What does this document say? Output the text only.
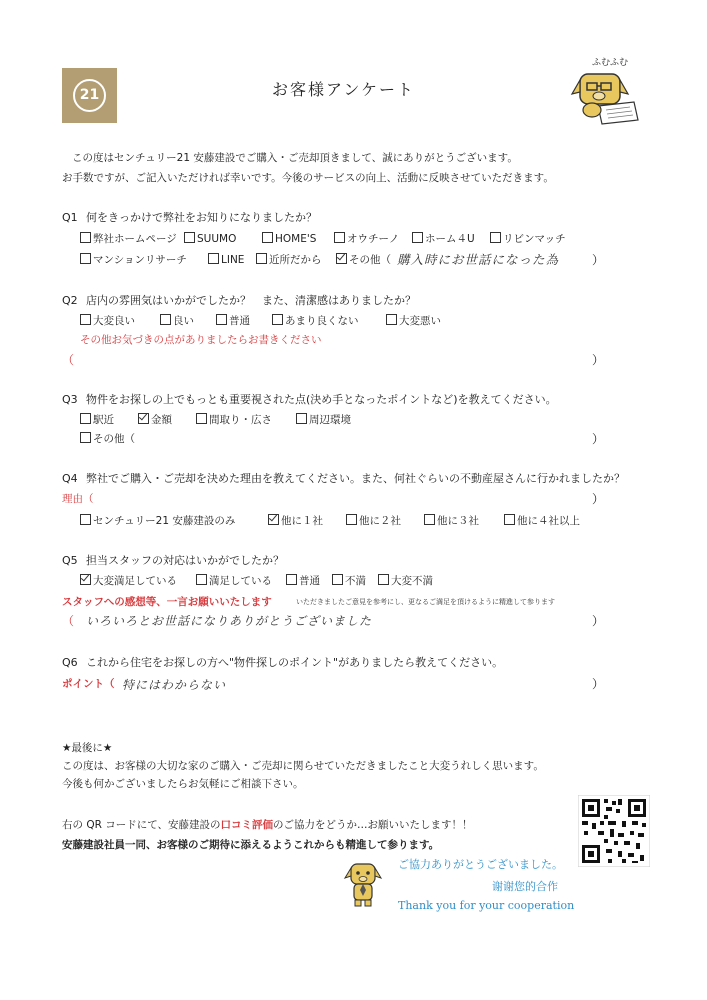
21	お客様アンケート
ふむふむ
この度はセンチュリー21 安藤建設でご購入・ご売却頂きまして、誠にありがとうございます。
お手数ですが、ご記入いただければ幸いです。今後のサービスの向上、活動に反映させていただきます。
Q1 何をきっかけで弊社をお知りになりましたか？
弊社ホームページ	SUUMO	HOME'S	オウチーノ	ホーム４U	リビンマッチ
マンションリサーチ	LINE	近所だから	その他（ 購入時にお世話になった為	）
Q2 店内の雰囲気はいかがでしたか？　また、清潔感はありましたか？
大変良い	良い	普通	あまり良くない	大変悪い
その他お気づきの点がありましたらお書きください
（	）
Q3 物件をお探しの上でもっとも重要視された点(決め手となったポイントなど)を教えてください。
駅近	金額	間取り・広さ	周辺環境
その他（	）
Q4 弊社でご購入・ご売却を決めた理由を教えてください。また、何社ぐらいの不動産屋さんに行かれましたか？
理由（	）
センチュリー21 安藤建設のみ	他に１社	他に２社	他に３社	他に４社以上
Q5 担当スタッフの対応はいかがでしたか？
大変満足している	満足している	普通	不満	大変不満
スタッフへの感想等、一言お願いいたします	いただきましたご意見を参考にし、更なるご満足を頂けるように精進して参ります
（ いろいろとお世話になりありがとうございました	）
Q6 これから住宅をお探しの方へ"物件探しのポイント"がありましたら教えてください。
ポイント（ 特にはわからない	）
★最後に★
この度は、お客様の大切な家のご購入・ご売却に関らせていただきましたこと大変うれしく思います。
今後も何かございましたらお気軽にご相談下さい。
右の QR コードにて、安藤建設の口コミ評価のご協力をどうか…お願いいたします！！
安藤建設社員一同、お客様のご期待に添えるようこれからも精進して参ります。
ご協力ありがとうございました。
谢谢您的合作
Thank you for your cooperation
